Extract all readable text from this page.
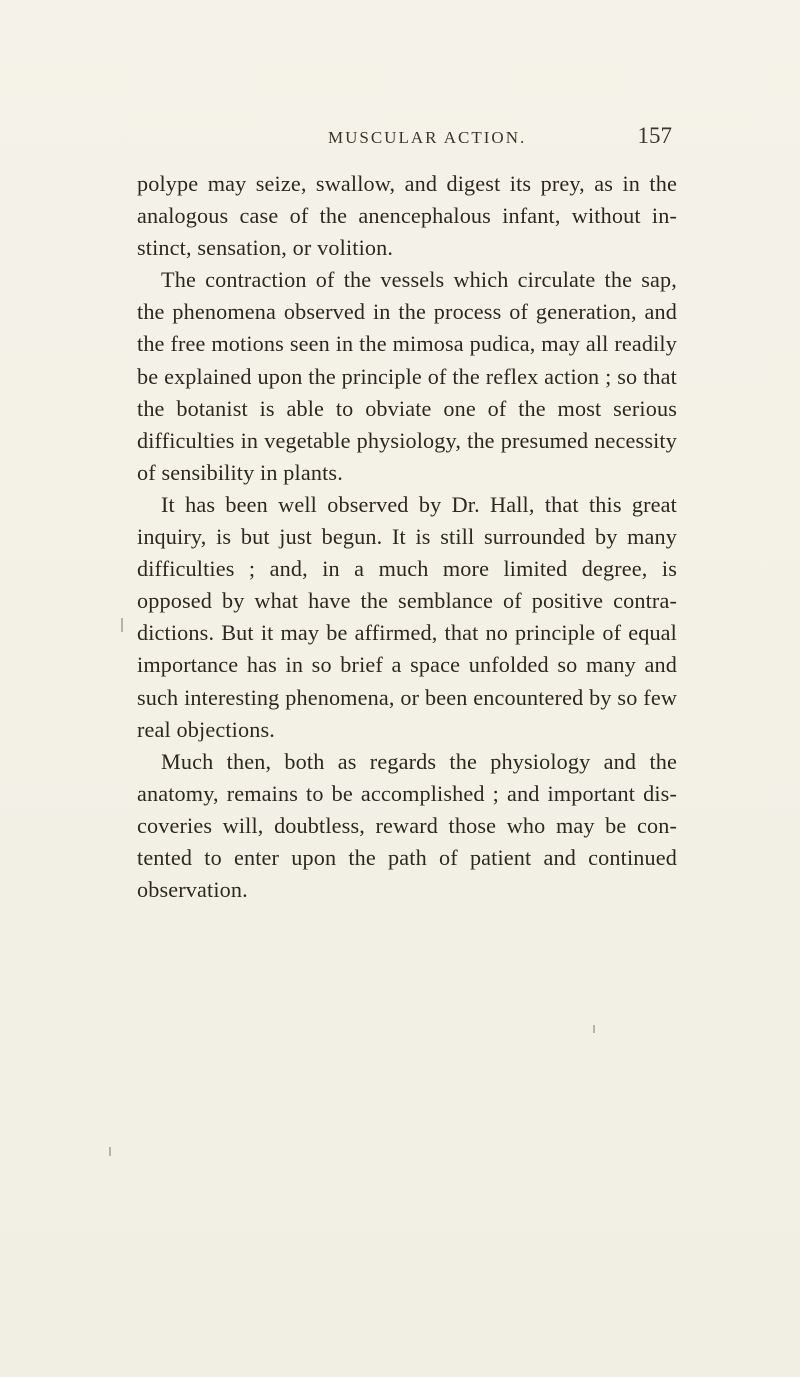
MUSCULAR ACTION.	157

polype may seize, swallow, and digest its prey, as in the analogous case of the anencephalous infant, without in-stinct, sensation, or volition.

The contraction of the vessels which circulate the sap, the phenomena observed in the process of generation, and the free motions seen in the mimosa pudica, may all readily be explained upon the principle of the reflex action ; so that the botanist is able to obviate one of the most serious difficulties in vegetable physiology, the presumed necessity of sensibility in plants.

It has been well observed by Dr. Hall, that this great inquiry, is but just begun. It is still surrounded by many difficulties ; and, in a much more limited degree, is opposed by what have the semblance of positive contra-dictions. But it may be affirmed, that no principle of equal importance has in so brief a space unfolded so many and such interesting phenomena, or been encountered by so few real objections.

Much then, both as regards the physiology and the anatomy, remains to be accomplished ; and important dis-coveries will, doubtless, reward those who may be con-tented to enter upon the path of patient and continued observation.
